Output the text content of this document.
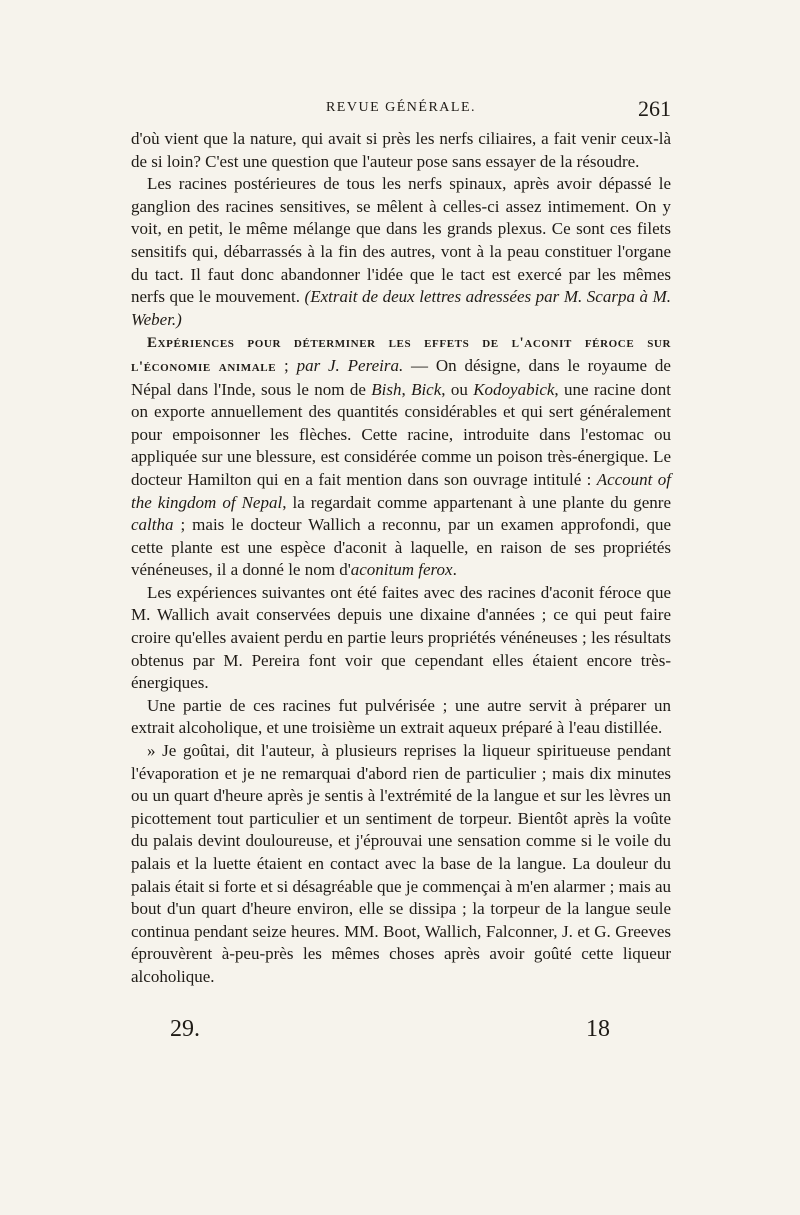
REVUE GÉNÉRALE.	261

d'où vient que la nature, qui avait si près les nerfs ciliaires, a fait venir ceux-là de si loin? C'est une question que l'auteur pose sans essayer de la résoudre.

Les racines postérieures de tous les nerfs spinaux, après avoir dépassé le ganglion des racines sensitives, se mêlent à celles-ci assez intimement. On y voit, en petit, le même mélange que dans les grands plexus. Ce sont ces filets sensitifs qui, débarrassés à la fin des autres, vont à la peau constituer l'organe du tact. Il faut donc abandonner l'idée que le tact est exercé par les mêmes nerfs que le mouvement. (Extrait de deux lettres adressées par M. Scarpa à M. Weber.)

Expériences pour déterminer les effets de l'aconit féroce sur l'économie animale ; par J. Pereira. — On désigne, dans le royaume de Népal dans l'Inde, sous le nom de Bish, Bick, ou Kodoyabick, une racine dont on exporte annuellement des quantités considérables et qui sert généralement pour empoisonner les flèches. Cette racine, introduite dans l'estomac ou appliquée sur une blessure, est considérée comme un poison très-énergique. Le docteur Hamilton qui en a fait mention dans son ouvrage intitulé : Account of the kingdom of Nepal, la regardait comme appartenant à une plante du genre caltha ; mais le docteur Wallich a reconnu, par un examen approfondi, que cette plante est une espèce d'aconit à laquelle, en raison de ses propriétés vénéneuses, il a donné le nom d'aconitum ferox.

Les expériences suivantes ont été faites avec des racines d'aconit féroce que M. Wallich avait conservées depuis une dixaine d'années ; ce qui peut faire croire qu'elles avaient perdu en partie leurs propriétés vénéneuses ; les résultats obtenus par M. Pereira font voir que cependant elles étaient encore très-énergiques.

Une partie de ces racines fut pulvérisée ; une autre servit à préparer un extrait alcoholique, et une troisième un extrait aqueux préparé à l'eau distillée.

» Je goûtai, dit l'auteur, à plusieurs reprises la liqueur spiritueuse pendant l'évaporation et je ne remarquai d'abord rien de particulier ; mais dix minutes ou un quart d'heure après je sentis à l'extrémité de la langue et sur les lèvres un picottement tout particulier et un sentiment de torpeur. Bientôt après la voûte du palais devint douloureuse, et j'éprouvai une sensation comme si le voile du palais et la luette étaient en contact avec la base de la langue. La douleur du palais était si forte et si désagréable que je commençai à m'en alarmer ; mais au bout d'un quart d'heure environ, elle se dissipa ; la torpeur de la langue seule continua pendant seize heures. MM. Boot, Wallich, Falconner, J. et G. Greeves éprouvèrent à-peu-près les mêmes choses après avoir goûté cette liqueur alcoholique.

29.	18
